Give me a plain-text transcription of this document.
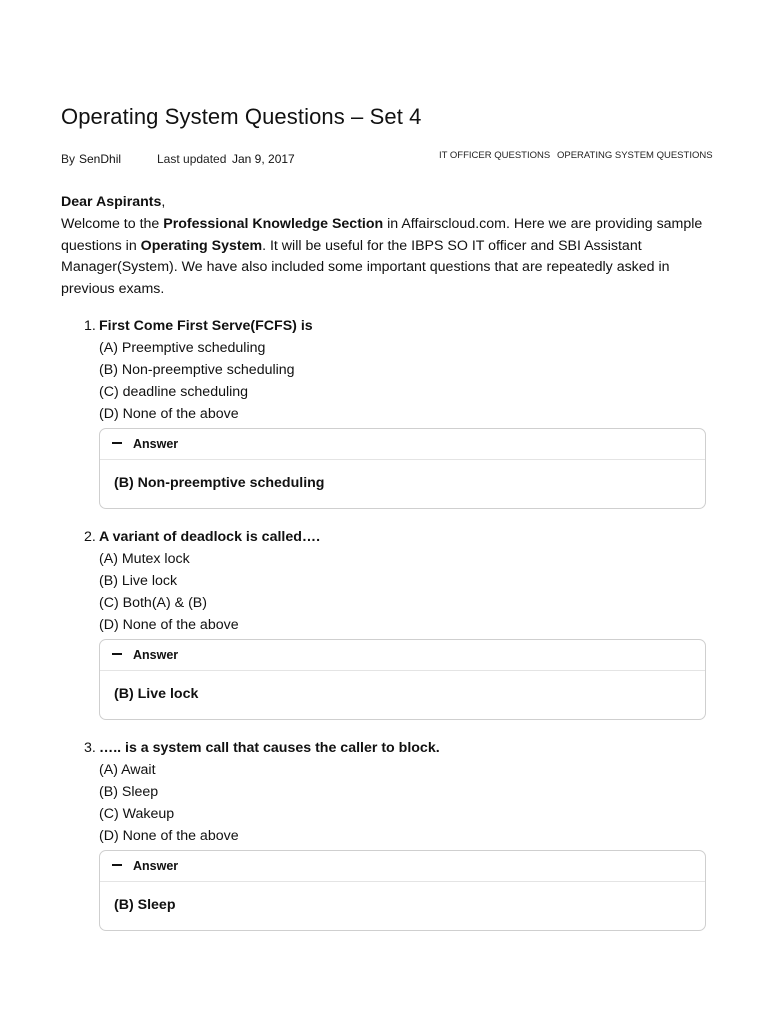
Operating System Questions – Set 4
By SenDhil	Last updated Jan 9, 2017	IT OFFICER QUESTIONS OPERATING SYSTEM QUESTIONS
Dear Aspirants,
Welcome to the Professional Knowledge Section in Affairscloud.com. Here we are providing sample questions in Operating System. It will be useful for the IBPS SO IT officer and SBI Assistant Manager(System). We have also included some important questions that are repeatedly asked in previous exams.
1. First Come First Serve(FCFS) is
(A) Preemptive scheduling
(B) Non-preemptive scheduling
(C) deadline scheduling
(D) None of the above
Answer
(B) Non-preemptive scheduling
2. A variant of deadlock is called….
(A) Mutex lock
(B) Live lock
(C) Both(A) & (B)
(D) None of the above
Answer
(B) Live lock
3. ….. is a system call that causes the caller to block.
(A) Await
(B) Sleep
(C) Wakeup
(D) None of the above
Answer
(B) Sleep
